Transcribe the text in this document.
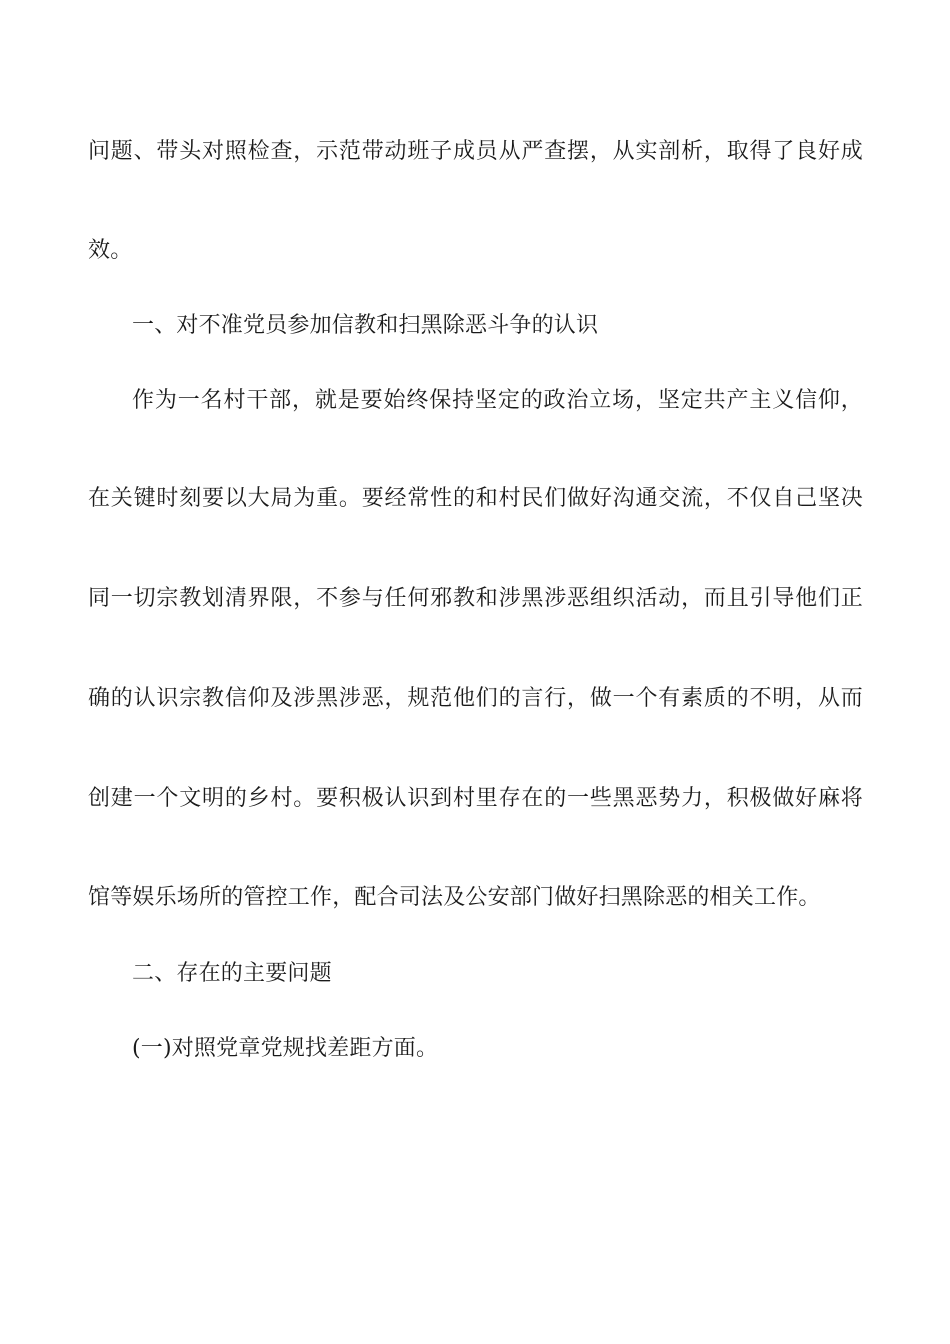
问题、带头对照检查，示范带动班子成员从严查摆，从实剖析，取得了良好成
效。
一、对不准党员参加信教和扫黑除恶斗争的认识
作为一名村干部，就是要始终保持坚定的政治立场，坚定共产主义信仰，
在关键时刻要以大局为重。要经常性的和村民们做好沟通交流，不仅自己坚决
同一切宗教划清界限，不参与任何邪教和涉黑涉恶组织活动，而且引导他们正
确的认识宗教信仰及涉黑涉恶，规范他们的言行，做一个有素质的不明，从而
创建一个文明的乡村。要积极认识到村里存在的一些黑恶势力，积极做好麻将
馆等娱乐场所的管控工作，配合司法及公安部门做好扫黑除恶的相关工作。
二、存在的主要问题
(一)对照党章党规找差距方面。
